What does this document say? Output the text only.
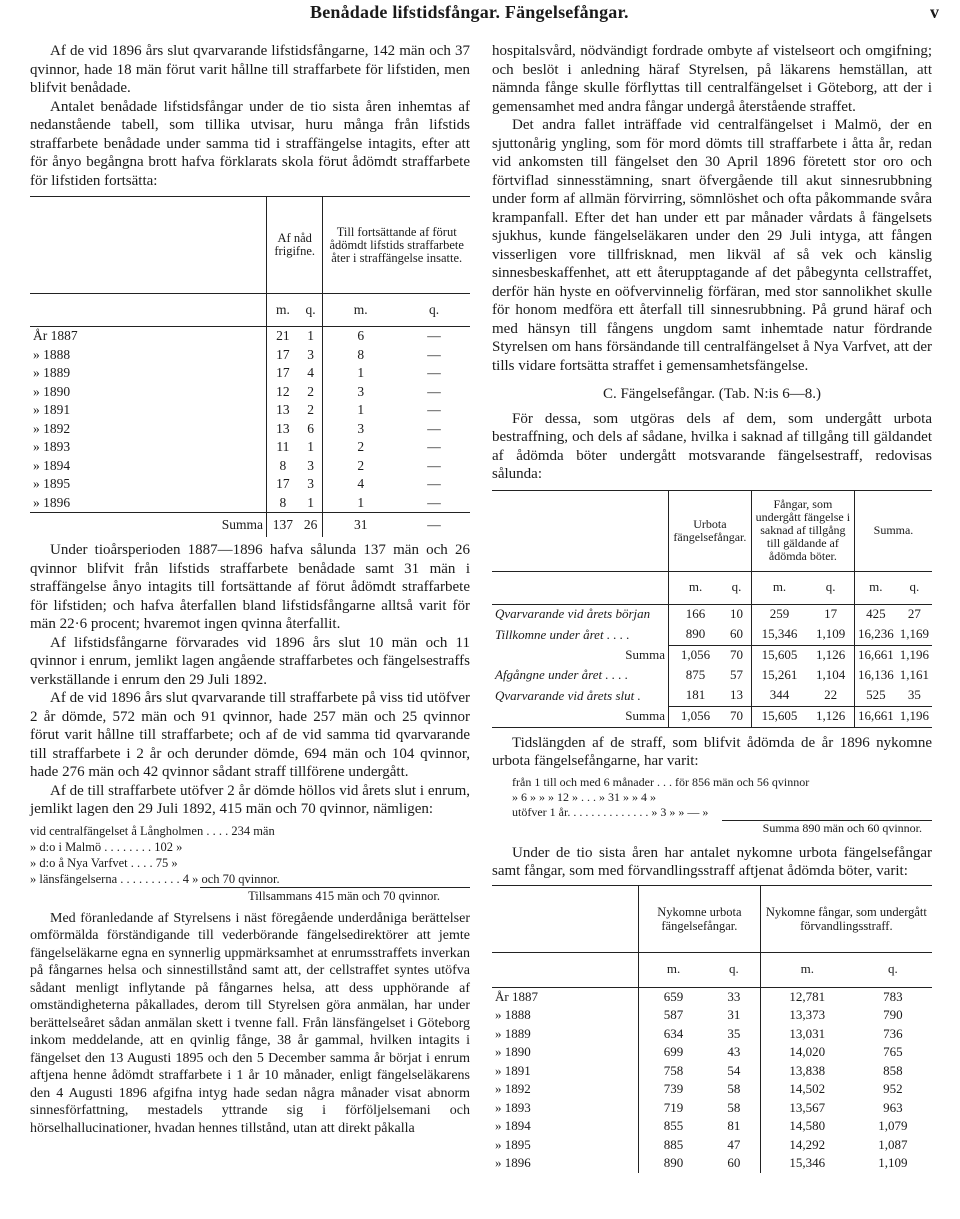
Benådade lifstidsfångar. Fängelsefångar.	v

Af de vid 1896 års slut qvarvarande lifstidsfångarne, 142 män och 37 qvinnor, hade 18 män förut varit hållne till straffarbete för lifstiden, men blifvit benådade.

Antalet benådade lifstidsfångar under de tio sista åren inhemtas af nedanstående tabell, som tillika utvisar, huru många från lifstids straffarbete benådade under samma tid i straffängelse intagits, efter att för ånyo begångna brott hafva förklarats skola förut ådömdt straffarbete för lifstiden fortsätta:

	Af nåd frigifne.		Till fortsättande af förut ådömdt lifstids straffarbete åter i straffängelse insatte.	
	m.	q.	m.	q.
År 1887	21	1	6	—
» 1888	17	3	8	—
» 1889	17	4	1	—
» 1890	12	2	3	—
» 1891	13	2	1	—
» 1892	13	6	3	—
» 1893	11	1	2	—
» 1894	8	3	2	—
» 1895	17	3	4	—
» 1896	8	1	1	—
Summa	137	26	31	—

Under tioårsperioden 1887—1896 hafva sålunda 137 män och 26 qvinnor blifvit från lifstids straffarbete benådade samt 31 män i straffängelse ånyo intagits till fortsättande af förut ådömdt straffarbete för lifstiden; och hafva återfallen bland lifstidsfångarne alltså varit för män 22·6 procent; hvaremot ingen qvinna återfallit.

Af lifstidsfångarne förvarades vid 1896 års slut 10 män och 11 qvinnor i enrum, jemlikt lagen angående straffarbetes och fängelsestraffs verkställande i enrum den 29 Juli 1892.

Af de vid 1896 års slut qvarvarande till straffarbete på viss tid utöfver 2 år dömde, 572 män och 91 qvinnor, hade 257 män och 25 qvinnor förut varit hållne till straffarbete; och af de vid samma tid qvarvarande till straffarbete i 2 år och derunder dömde, 694 män och 104 qvinnor, hade 276 män och 42 qvinnor sådant straff tillförene undergått.

Af de till straffarbete utöfver 2 år dömde höllos vid årets slut i enrum, jemlikt lagen den 29 Juli 1892, 415 män och 70 qvinnor, nämligen:

vid centralfängelset å Långholmen . . . . 234 män
» d:o i Malmö . . . . . . . . 102 »
» d:o å Nya Varfvet . . . . 75 »
» länsfängelserna . . . . . . . . . . 4 » och 70 qvinnor.
Tillsammans 415 män och 70 qvinnor.

Med föranledande af Styrelsens i näst föregående underdåniga berättelser omförmälda förständigande till vederbörande fängelsedirektörer att jemte fängelseläkarne egna en synnerlig uppmärksamhet at enrumsstraffets inverkan på fångarnes helsa och sinnestillstånd samt att, der cellstraffet syntes utöfva sådant menligt inflytande på fångarnes helsa, att dess upphörande af omständigheterna påkallades, derom till Styrelsen göra anmälan, har under berättelseåret sådan anmälan skett i tvenne fall. Från länsfängelset i Göteborg inkom meddelande, att en qvinlig fånge, 38 år gammal, hvilken intagits i fängelset den 13 Augusti 1895 och den 5 December samma år börjat i enrum aftjena henne ådömdt straffarbete i 1 år 10 månader, enligt fängelseläkarens den 4 Augusti 1896 afgifna intyg hade sedan några månader visat abnorm sinnesförfattning, mestadels yttrande sig i förföljelsemani och hörselhallucinationer, hvadan hennes tillstånd, utan att direkt påkalla

hospitalsvård, nödvändigt fordrade ombyte af vistelseort och omgifning; och beslöt i anledning häraf Styrelsen, på läkarens hemställan, att nämnda fånge skulle förflyttas till centralfängelset i Göteborg, att der i gemensamhet med andra fångar undergå återstående straffet.

Det andra fallet inträffade vid centralfängelset i Malmö, der en sjuttonårig yngling, som för mord dömts till straffarbete i åtta år, redan vid ankomsten till fängelset den 30 April 1896 företett stor oro och förtviflad sinnesstämning, snart öfvergående till akut sinnesrubbning under form af allmän förvirring, sömnlöshet och ofta påkommande svåra krampanfall. Efter det han under ett par månader vårdats å fängelsets sjukhus, kunde fängelseläkaren under den 29 Juli intyga, att fången visserligen vore tillfrisknad, men likväl af så vek och känslig sinnesbeskaffenhet, att ett återupptagande af det påbegynta cellstraffet, derför hän hyste en oöfvervinnelig förfäran, med stor sannolikhet skulle för honom medföra ett återfall till sinnesrubbning. På grund häraf och med hänsyn till fångens ungdom samt inhemtade natur fördrande Styrelsen om hans försändande till centralfängelset å Nya Varfvet, att der tills vidare fortsätta straffet i gemensamhetsfängelse.

C. Fängelsefångar. (Tab. N:is 6—8.)

För dessa, som utgöras dels af dem, som undergått urbota bestraffning, och dels af sådane, hvilka i saknad af tillgång till gäldandet af ådömda böter undergått motsvarande fängelsestraff, redovisas sålunda:

	Urbota fängelsefångar.		Fångar, som undergått fängelse i saknad af tillgång till gäldande af ådömda böter.		Summa.	
	m.	q.	m.	q.	m.	q.
Qvarvarande vid årets början	166	10	259	17	425	27
Tillkomne under året . . . .	890	60	15,346	1,109	16,236	1,169
Summa	1,056	70	15,605	1,126	16,661	1,196
Afgångne under året . . . .	875	57	15,261	1,104	16,136	1,161
Qvarvarande vid årets slut .	181	13	344	22	525	35
Summa	1,056	70	15,605	1,126	16,661	1,196

Tidslängden af de straff, som blifvit ådömda de år 1896 nykomne urbota fängelsefångarne, har varit:

från 1 till och med 6 månader . . . för 856 män och 56 qvinnor
» 6 » » » 12 » . . . » 31 » » 4 »
utöfver 1 år. . . . . . . . . . . . . . » 3 » » — »
Summa 890 män och 60 qvinnor.

Under de tio sista åren har antalet nykomne urbota fängelsefångar samt fångar, som med förvandlingsstraff aftjenat ådömda böter, varit:

	Nykomne urbota fängelsefångar.		Nykomne fångar, som undergått förvandlingsstraff.	
	m.	q.	m.	q.
År 1887	659	33	12,781	783
» 1888	587	31	13,373	790
» 1889	634	35	13,031	736
» 1890	699	43	14,020	765
» 1891	758	54	13,838	858
» 1892	739	58	14,502	952
» 1893	719	58	13,567	963
» 1894	855	81	14,580	1,079
» 1895	885	47	14,292	1,087
» 1896	890	60	15,346	1,109
